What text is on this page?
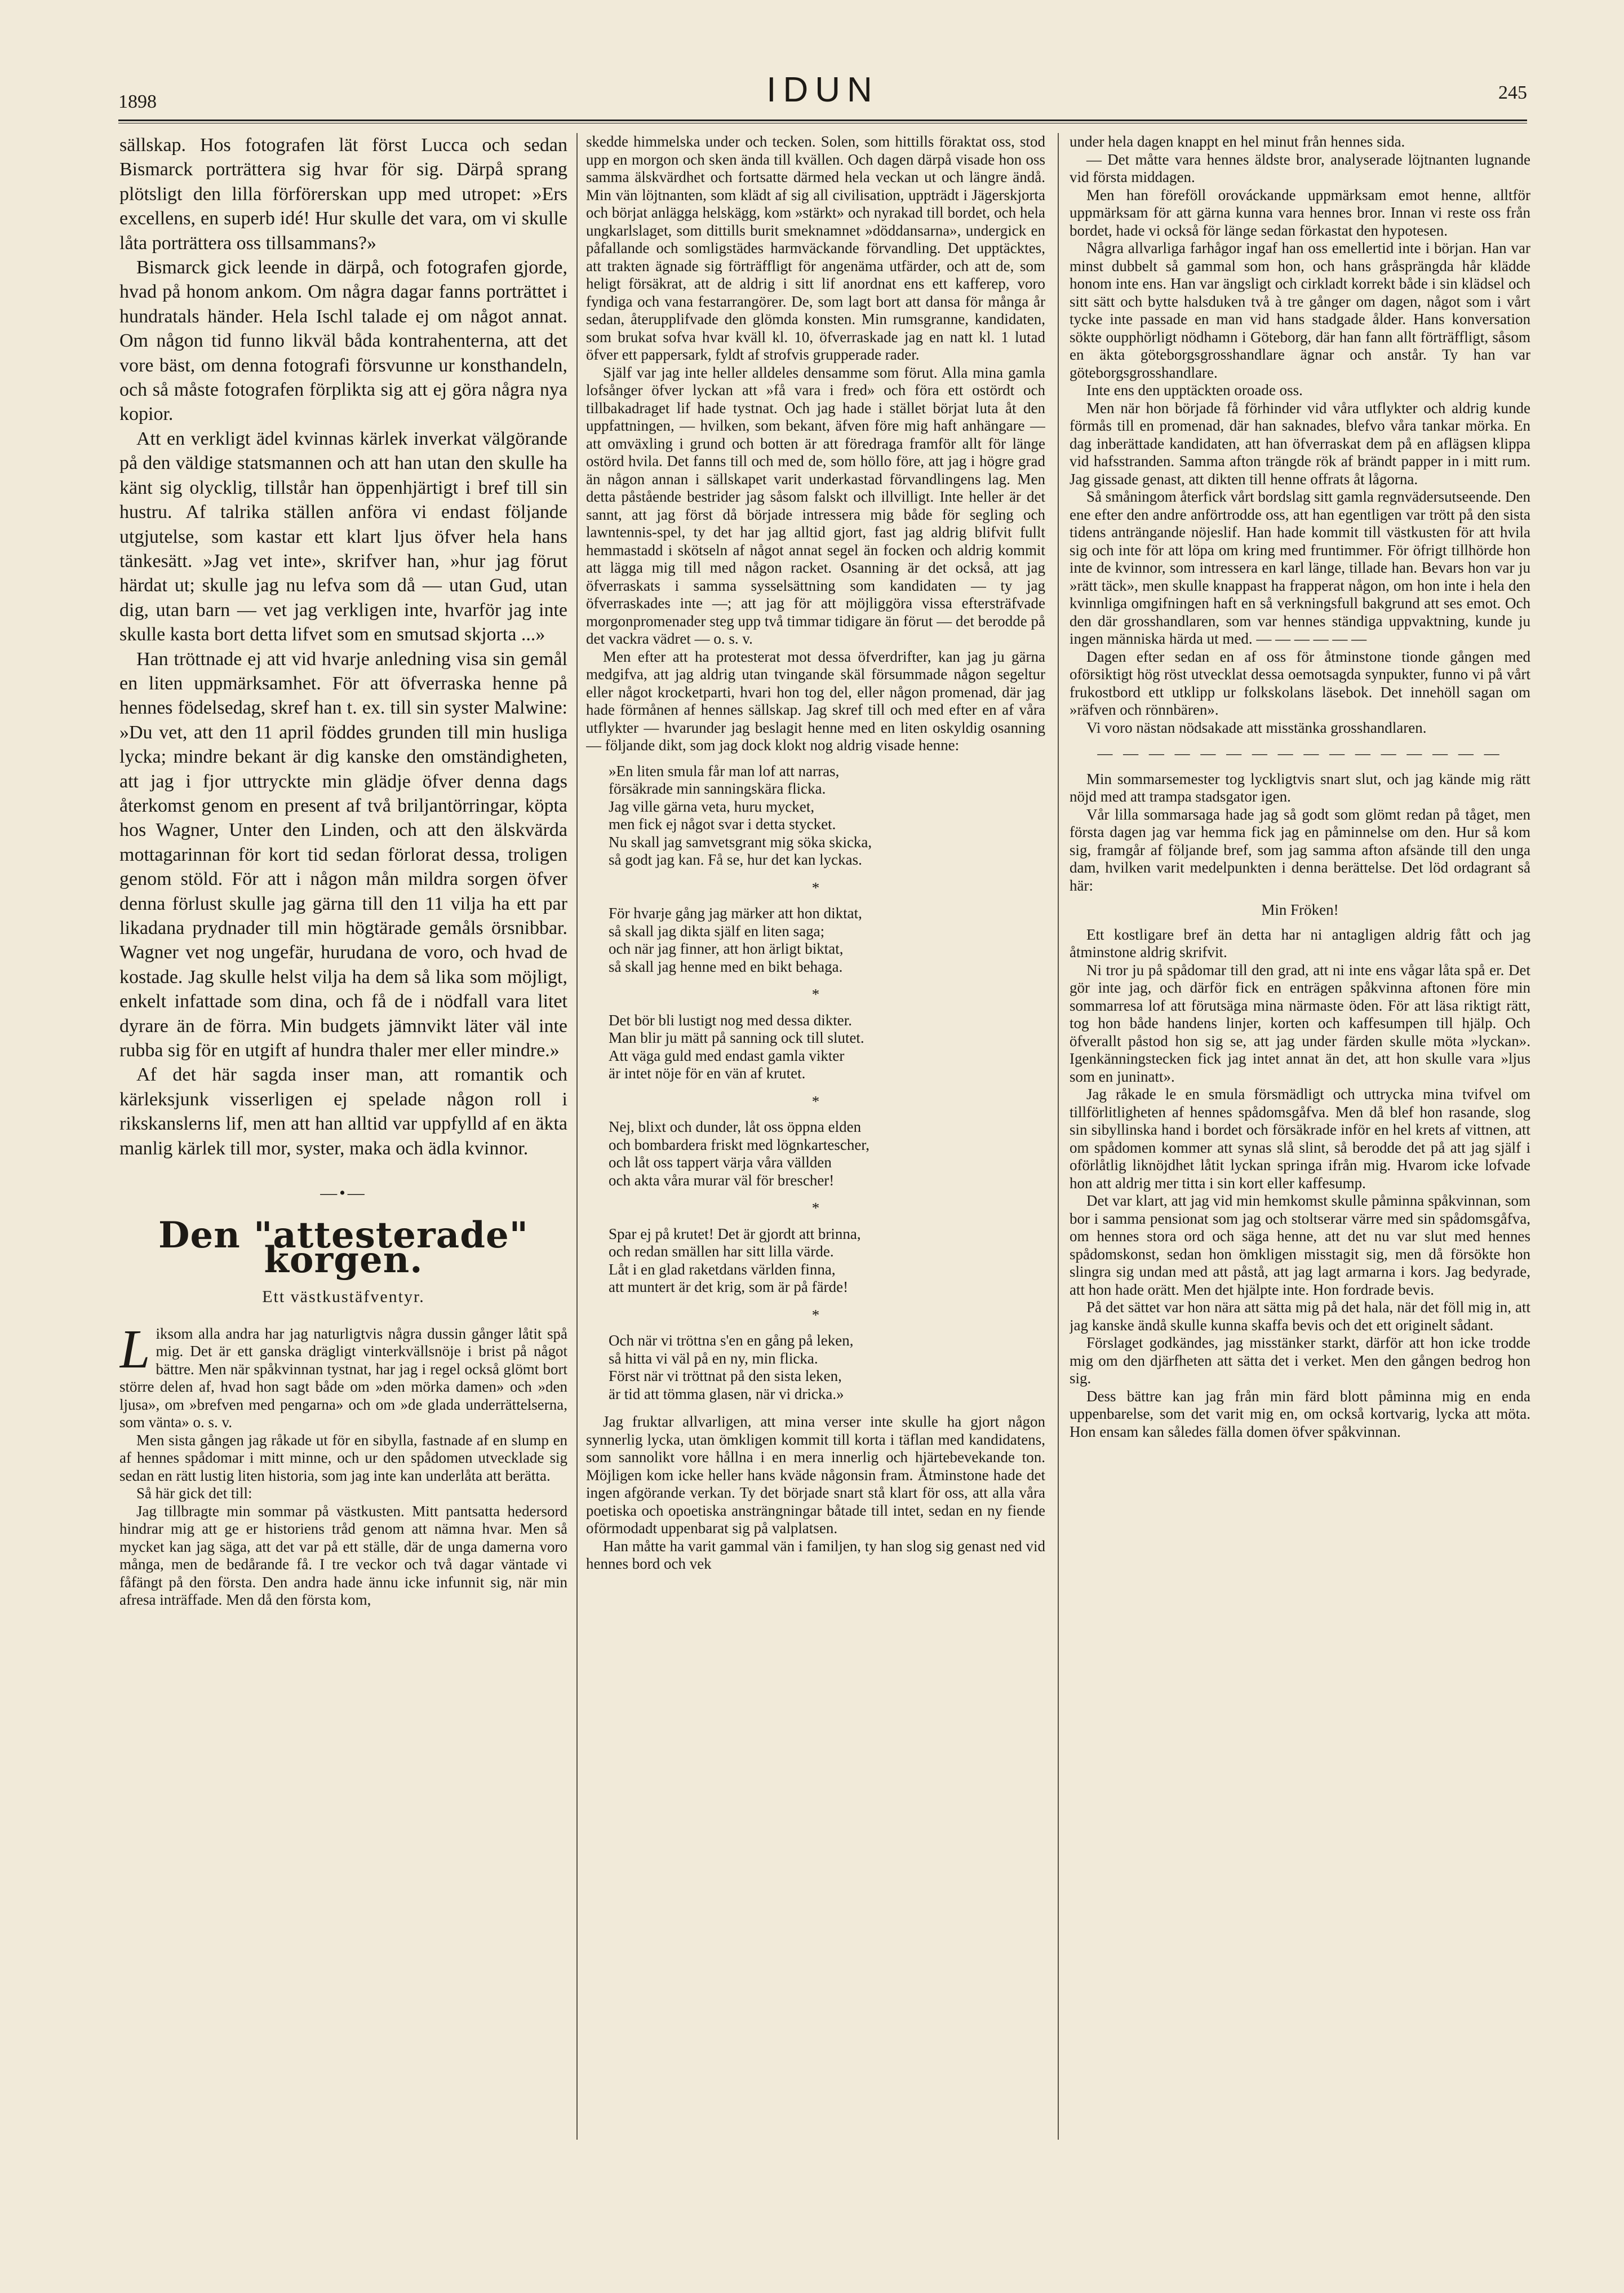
1898	IDUN	245

sällskap. Hos fotografen lät först Lucca och sedan Bismarck porträttera sig hvar för sig. Därpå sprang plötsligt den lilla förförerskan upp med utropet: »Ers excellens, en superb idé! Hur skulle det vara, om vi skulle låta porträttera oss tillsammans?»

Bismarck gick leende in därpå, och fotografen gjorde, hvad på honom ankom. Om några dagar fanns porträttet i hundratals händer. Hela Ischl talade ej om något annat. Om någon tid funno likväl båda kontrahenterna, att det vore bäst, om denna fotografi försvunne ur konsthandeln, och så måste fotografen förplikta sig att ej göra några nya kopior.

Att en verkligt ädel kvinnas kärlek inverkat välgörande på den väldige statsmannen och att han utan den skulle ha känt sig olycklig, tillstår han öppenhjärtigt i bref till sin hustru. Af talrika ställen anföra vi endast följande utgjutelse, som kastar ett klart ljus öfver hela hans tänkesätt. »Jag vet inte», skrifver han, »hur jag förut härdat ut; skulle jag nu lefva som då — utan Gud, utan dig, utan barn — vet jag verkligen inte, hvarför jag inte skulle kasta bort detta lifvet som en smutsad skjorta ...»

Han tröttnade ej att vid hvarje anledning visa sin gemål en liten uppmärksamhet. För att öfverraska henne på hennes födelsedag, skref han t. ex. till sin syster Malwine: »Du vet, att den 11 april föddes grunden till min husliga lycka; mindre bekant är dig kanske den omständigheten, att jag i fjor uttryckte min glädje öfver denna dags återkomst genom en present af två briljantörringar, köpta hos Wagner, Unter den Linden, och att den älskvärda mottagarinnan för kort tid sedan förlorat dessa, troligen genom stöld. För att i någon mån mildra sorgen öfver denna förlust skulle jag gärna till den 11 vilja ha ett par likadana prydnader till min högtärade gemåls örsnibbar. Wagner vet nog ungefär, hurudana de voro, och hvad de kostade. Jag skulle helst vilja ha dem så lika som möjligt, enkelt infattade som dina, och få de i nödfall vara litet dyrare än de förra. Min budgets jämnvikt läter väl inte rubba sig för en utgift af hundra thaler mer eller mindre.»

Af det här sagda inser man, att romantik och kärleksjunk visserligen ej spelade någon roll i rikskanslerns lif, men att han alltid var uppfylld af en äkta manlig kärlek till mor, syster, maka och ädla kvinnor.

—•—
Den "attesterade" korgen.
Ett västkustäfventyr.

Liksom alla andra har jag naturligtvis några dussin gånger låtit spå mig. Det är ett ganska drägligt vinterkvällsnöje i brist på något bättre. Men när spåkvinnan tystnat, har jag i regel också glömt bort större delen af, hvad hon sagt både om »den mörka damen» och »den ljusa», om »brefven med pengarna» och om »de glada underrättelserna, som vänta» o. s. v.

Men sista gången jag råkade ut för en sibylla, fastnade af en slump en af hennes spådomar i mitt minne, och ur den spådomen utvecklade sig sedan en rätt lustig liten historia, som jag inte kan underlåta att berätta.

Så här gick det till:

Jag tillbragte min sommar på västkusten. Mitt pantsatta hedersord hindrar mig att ge er historiens tråd genom att nämna hvar. Men så mycket kan jag säga, att det var på ett ställe, där de unga damerna voro många, men de bedårande få. I tre veckor och två dagar väntade vi fåfängt på den första. Den andra hade ännu icke infunnit sig, när min afresa inträffade. Men då den första kom,

skedde himmelska under och tecken. Solen, som hittills föraktat oss, stod upp en morgon och sken ända till kvällen. Och dagen därpå visade hon oss samma älskvärdhet och fortsatte därmed hela veckan ut och längre ändå. Min vän löjtnanten, som klädt af sig all civilisation, uppträdt i Jägerskjorta och börjat anlägga helskägg, kom »stärkt» och nyrakad till bordet, och hela ungkarlslaget, som dittills burit smeknamnet »döddansarna», undergick en påfallande och somligstädes harmväckande förvandling. Det upptäcktes, att trakten ägnade sig förträffligt för angenäma utfärder, och att de, som heligt försäkrat, att de aldrig i sitt lif anordnat ens ett kafferep, voro fyndiga och vana festarrangörer. De, som lagt bort att dansa för många år sedan, återupplifvade den glömda konsten. Min rumsgranne, kandidaten, som brukat sofva hvar kväll kl. 10, öfverraskade jag en natt kl. 1 lutad öfver ett pappersark, fyldt af strofvis grupperade rader.

Själf var jag inte heller alldeles densamme som förut. Alla mina gamla lofsånger öfver lyckan att »få vara i fred» och föra ett ostördt och tillbakadraget lif hade tystnat. Och jag hade i stället börjat luta åt den uppfattningen, — hvilken, som bekant, äfven före mig haft anhängare — att omväxling i grund och botten är att föredraga framför allt för länge ostörd hvila. Det fanns till och med de, som höllo före, att jag i högre grad än någon annan i sällskapet varit underkastad förvandlingens lag. Men detta påstående bestrider jag såsom falskt och illvilligt. Inte heller är det sannt, att jag först då började intressera mig både för segling och lawntennis-spel, ty det har jag alltid gjort, fast jag aldrig blifvit fullt hemmastadd i skötseln af något annat segel än focken och aldrig kommit att lägga mig till med någon racket. Osanning är det också, att jag öfverraskats i samma sysselsättning som kandidaten — ty jag öfverraskades inte —; att jag för att möjliggöra vissa eftersträfvade morgonpromenader steg upp två timmar tidigare än förut — det berodde på det vackra vädret — o. s. v.

Men efter att ha protesterat mot dessa öfverdrifter, kan jag ju gärna medgifva, att jag aldrig utan tvingande skäl försummade någon segeltur eller något krocketparti, hvari hon tog del, eller någon promenad, där jag hade förmånen af hennes sällskap. Jag skref till och med efter en af våra utflykter — hvarunder jag beslagit henne med en liten oskyldig osanning — följande dikt, som jag dock klokt nog aldrig visade henne:

»En liten smula får man lof att narras,
försäkrade min sanningskära flicka.
Jag ville gärna veta, huru mycket,
men fick ej något svar i detta stycket.
Nu skall jag samvetsgrant mig söka skicka,
så godt jag kan. Få se, hur det kan lyckas.
*
För hvarje gång jag märker att hon diktat,
så skall jag dikta själf en liten saga;
och när jag finner, att hon ärligt biktat,
så skall jag henne med en bikt behaga.
*
Det bör bli lustigt nog med dessa dikter.
Man blir ju mätt på sanning ock till slutet.
Att väga guld med endast gamla vikter
är intet nöje för en vän af krutet.
*
Nej, blixt och dunder, låt oss öppna elden
och bombardera friskt med lögnkartescher,
och låt oss tappert värja våra vällden
och akta våra murar väl för brescher!
*
Spar ej på krutet! Det är gjordt att brinna,
och redan smällen har sitt lilla värde.
Låt i en glad raketdans världen finna,
att muntert är det krig, som är på färde!
*
Och när vi tröttna s'en en gång på leken,
så hitta vi väl på en ny, min flicka.
Först när vi tröttnat på den sista leken,
är tid att tömma glasen, när vi dricka.»

Jag fruktar allvarligen, att mina verser inte skulle ha gjort någon synnerlig lycka, utan ömkligen kommit till korta i täflan med kandidatens, som sannolikt vore hållna i en mera innerlig och hjärtebevekande ton. Möjligen kom icke heller hans kväde någonsin fram. Åtminstone hade det ingen afgörande verkan. Ty det började snart stå klart för oss, att alla våra poetiska och opoetiska ansträngningar båtade till intet, sedan en ny fiende oförmodadt uppenbarat sig på valplatsen.

Han måtte ha varit gammal vän i familjen, ty han slog sig genast ned vid hennes bord och vek

under hela dagen knappt en hel minut från hennes sida.

— Det måtte vara hennes äldste bror, analyserade löjtnanten lugnande vid första middagen.

Men han föreföll orováckande uppmärksam emot henne, alltför uppmärksam för att gärna kunna vara hennes bror. Innan vi reste oss från bordet, hade vi också för länge sedan förkastat den hypotesen.

Några allvarliga farhågor ingaf han oss emellertid inte i början. Han var minst dubbelt så gammal som hon, och hans gråsprängda hår klädde honom inte ens. Han var ängsligt och cirkladt korrekt både i sin klädsel och sitt sätt och bytte halsduken två à tre gånger om dagen, något som i vårt tycke inte passade en man vid hans stadgade ålder. Hans konversation sökte oupphörligt nödhamn i Göteborg, där han fann allt förträffligt, såsom en äkta göteborgsgrosshandlare ägnar och anstår. Ty han var göteborgsgrosshandlare.

Inte ens den upptäckten oroade oss.

Men när hon började få förhinder vid våra utflykter och aldrig kunde förmås till en promenad, där han saknades, blefvo våra tankar mörka. En dag inberättade kandidaten, att han öfverraskat dem på en aflägsen klippa vid hafsstranden. Samma afton trängde rök af brändt papper in i mitt rum. Jag gissade genast, att dikten till henne offrats åt lågorna.

Så småningom återfick vårt bordslag sitt gamla regnvädersutseende. Den ene efter den andre anförtrodde oss, att han egentligen var trött på den sista tidens anträngande nöjeslif. Han hade kommit till västkusten för att hvila sig och inte för att löpa om kring med fruntimmer. För öfrigt tillhörde hon inte de kvinnor, som intressera en karl länge, tillade han. Bevars hon var ju »rätt täck», men skulle knappast ha frapperat någon, om hon inte i hela den kvinnliga omgifningen haft en så verkningsfull bakgrund att ses emot. Och den där grosshandlaren, som var hennes ständiga uppvaktning, kunde ju ingen människa härda ut med. — — — — — —

Dagen efter sedan en af oss för åtminstone tionde gången med oförsiktigt hög röst utvecklat dessa oemotsagda synpukter, funno vi på vårt frukostbord ett utklipp ur folkskolans läsebok. Det innehöll sagan om »räfven och rönnbären».

Vi voro nästan nödsakade att misstänka grosshandlaren.

— — — — — — — — — — — — — — — —

Min sommarsemester tog lyckligtvis snart slut, och jag kände mig rätt nöjd med att trampa stadsgator igen.

Vår lilla sommarsaga hade jag så godt som glömt redan på tåget, men första dagen jag var hemma fick jag en påminnelse om den. Hur så kom sig, framgår af följande bref, som jag samma afton afsände till den unga dam, hvilken varit medelpunkten i denna berättelse. Det löd ordagrant så här:

Min Fröken!

Ett kostligare bref än detta har ni antagligen aldrig fått och jag åtminstone aldrig skrifvit.

Ni tror ju på spådomar till den grad, att ni inte ens vågar låta spå er. Det gör inte jag, och därför fick en enträgen spåkvinna aftonen före min sommarresa lof att förutsäga mina närmaste öden. För att läsa riktigt rätt, tog hon både handens linjer, korten och kaffesumpen till hjälp. Och öfverallt påstod hon sig se, att jag under färden skulle möta »lyckan». Igenkänningstecken fick jag intet annat än det, att hon skulle vara »ljus som en juninatt».

Jag råkade le en smula försmädligt och uttrycka mina tvifvel om tillförlitligheten af hennes spådomsgåfva. Men då blef hon rasande, slog sin sibyllinska hand i bordet och försäkrade inför en hel krets af vittnen, att om spådomen kommer att synas slå slint, så berodde det på att jag själf i oförlåtlig liknöjdhet låtit lyckan springa ifrån mig. Hvarom icke lofvade hon att aldrig mer titta i sin kort eller kaffesump.

Det var klart, att jag vid min hemkomst skulle påminna spåkvinnan, som bor i samma pensionat som jag och stoltserar värre med sin spådomsgåfva, om hennes stora ord och säga henne, att det nu var slut med hennes spådomskonst, sedan hon ömkligen misstagit sig, men då försökte hon slingra sig undan med att påstå, att jag lagt armarna i kors. Jag bedyrade, att hon hade orätt. Men det hjälpte inte. Hon fordrade bevis.

På det sättet var hon nära att sätta mig på det hala, när det föll mig in, att jag kanske ändå skulle kunna skaffa bevis och det ett originelt sådant.

Förslaget godkändes, jag misstänker starkt, därför att hon icke trodde mig om den djärfheten att sätta det i verket. Men den gången bedrog hon sig.

Dess bättre kan jag från min färd blott påminna mig en enda uppenbarelse, som det varit mig en, om också kortvarig, lycka att möta. Hon ensam kan således fälla domen öfver spåkvinnan.
